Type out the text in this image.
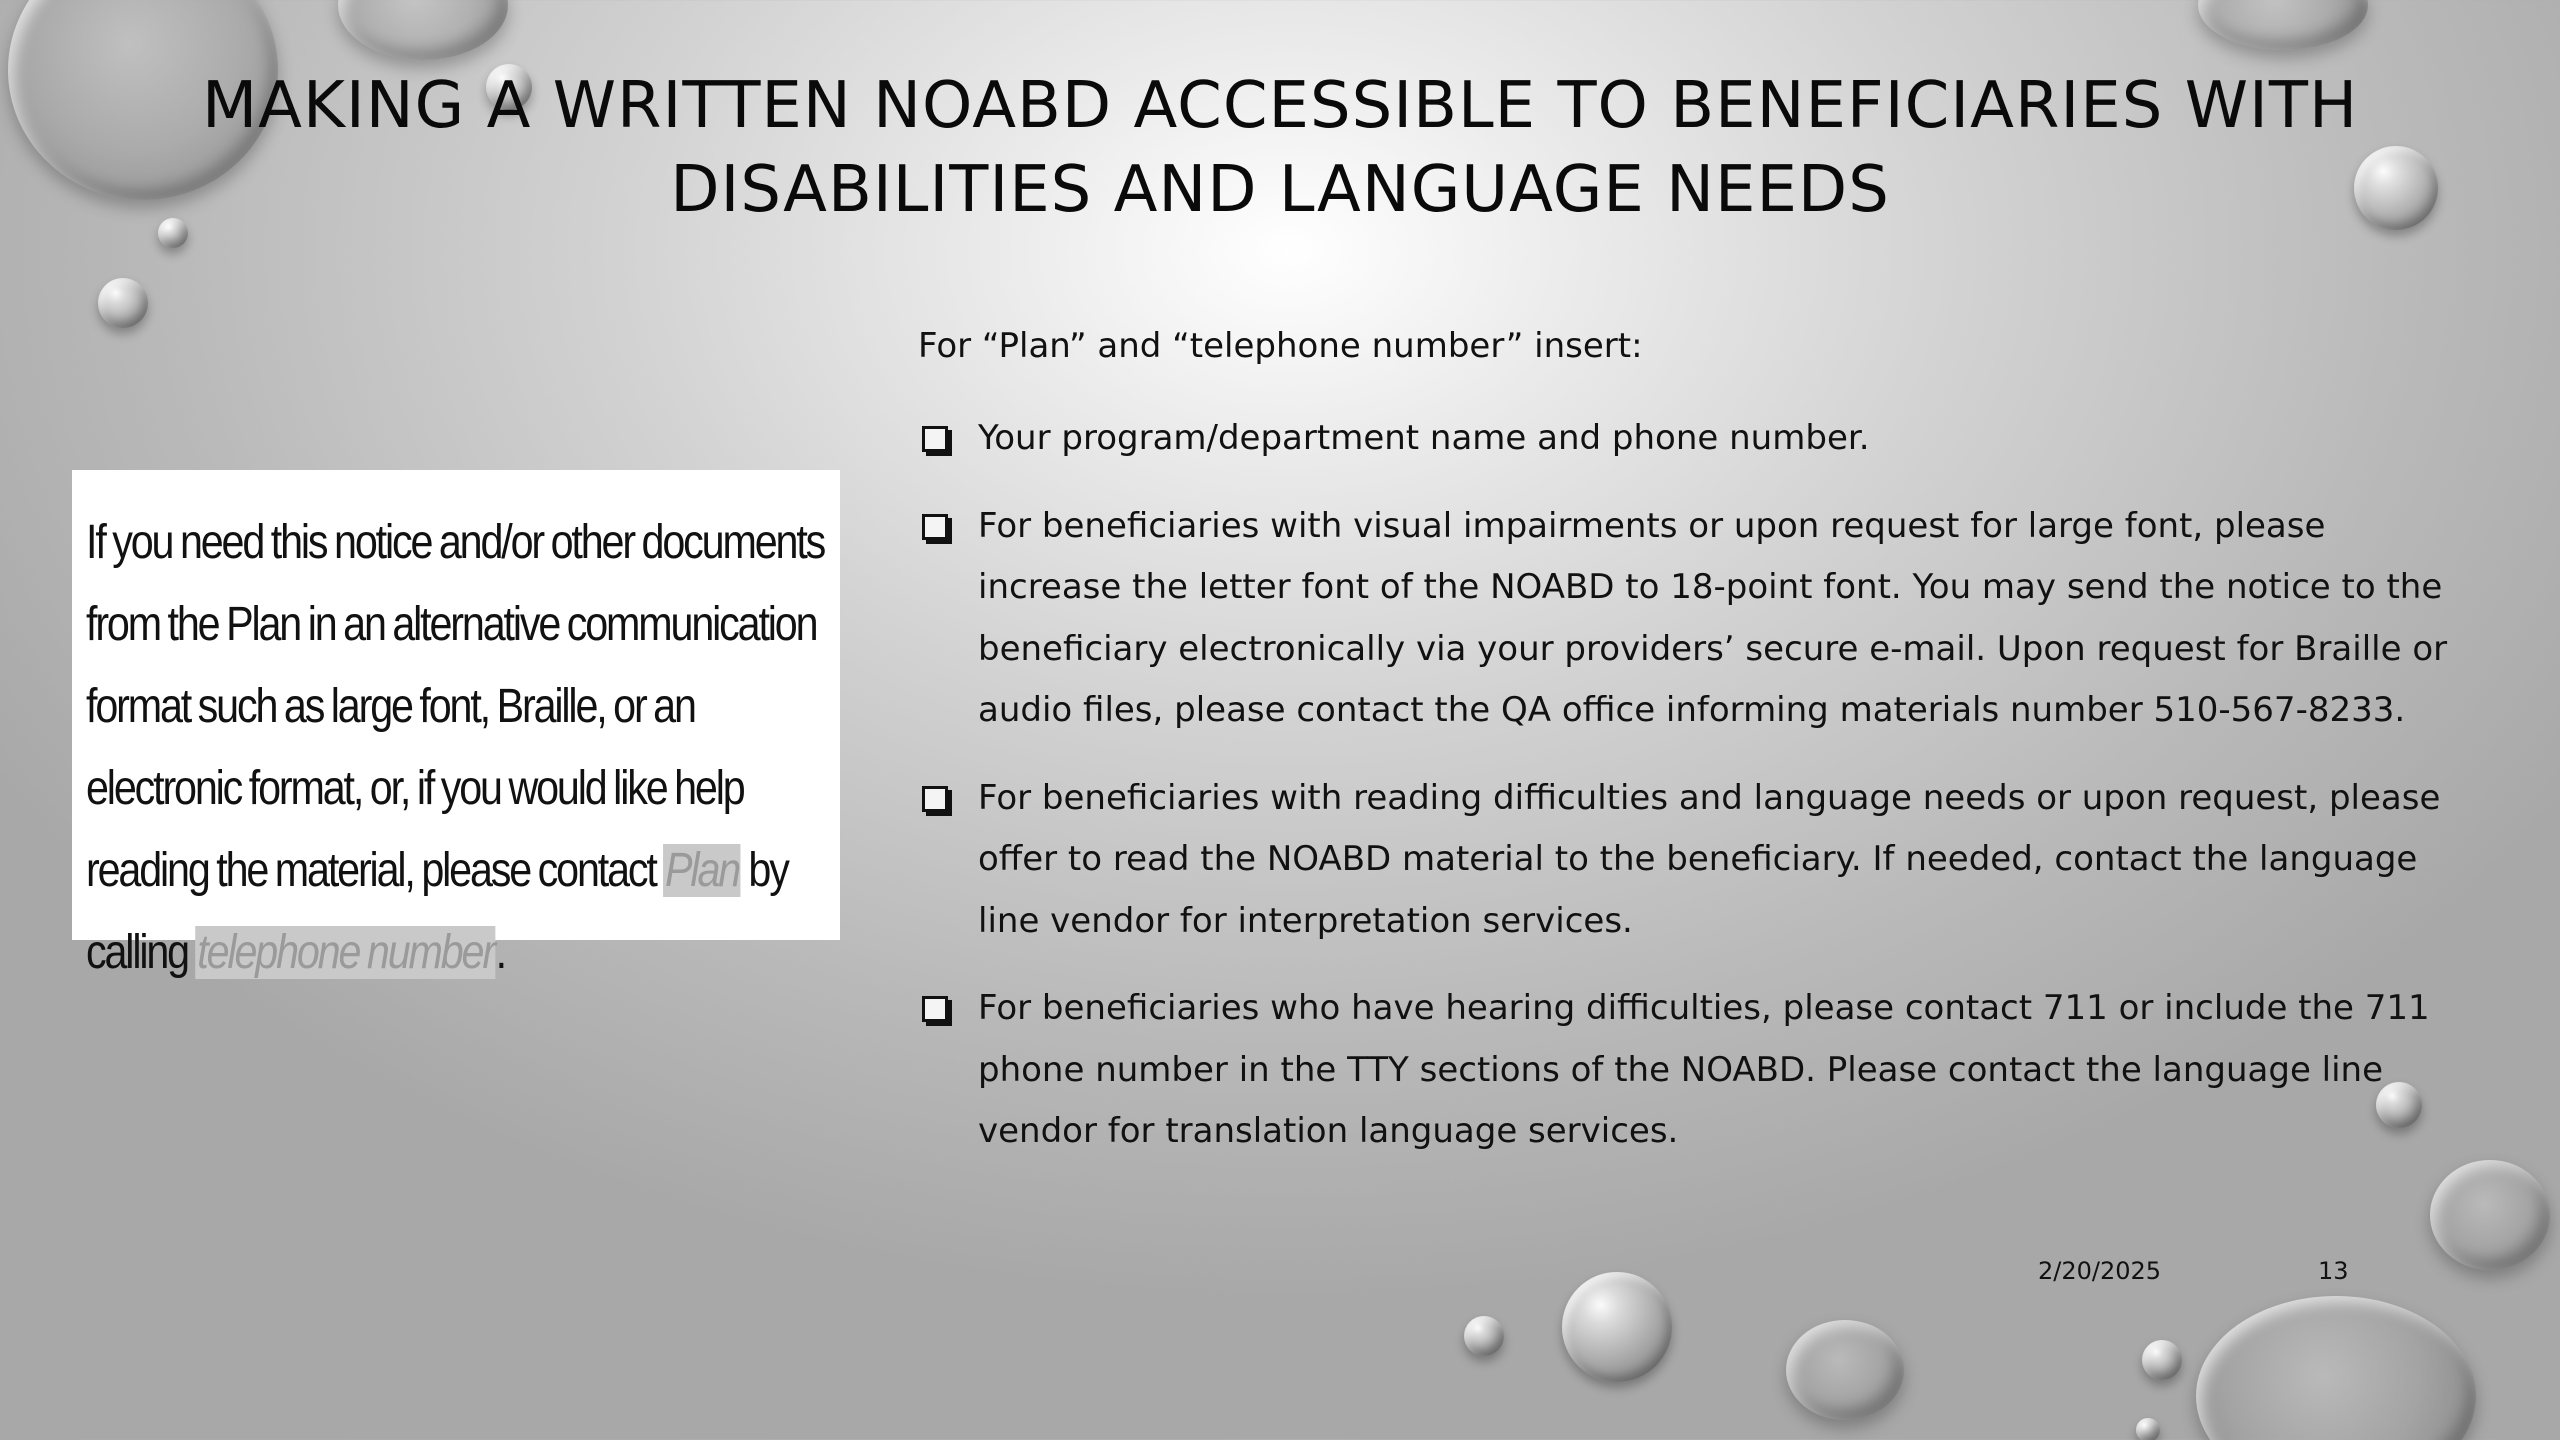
MAKING A WRITTEN NOABD ACCESSIBLE TO BENEFICIARIES WITH DISABILITIES AND LANGUAGE NEEDS

If you need this notice and/or other documents from the Plan in an alternative communication format such as large font, Braille, or an electronic format, or, if you would like help reading the material, please contact Plan by calling telephone number.

For “Plan” and “telephone number” insert:

Your program/department name and phone number.
For beneficiaries with visual impairments or upon request for large font, please increase the letter font of the NOABD to 18-point font. You may send the notice to the beneficiary electronically via your providers’ secure e-mail. Upon request for Braille or audio files, please contact the QA office informing materials number 510-567-8233.
For beneficiaries with reading difficulties and language needs or upon request, please offer to read the NOABD material to the beneficiary. If needed, contact the language line vendor for interpretation services.
For beneficiaries who have hearing difficulties, please contact 711 or include the 711 phone number in the TTY sections of the NOABD. Please contact the language line vendor for translation language services.
2/20/2025	13
